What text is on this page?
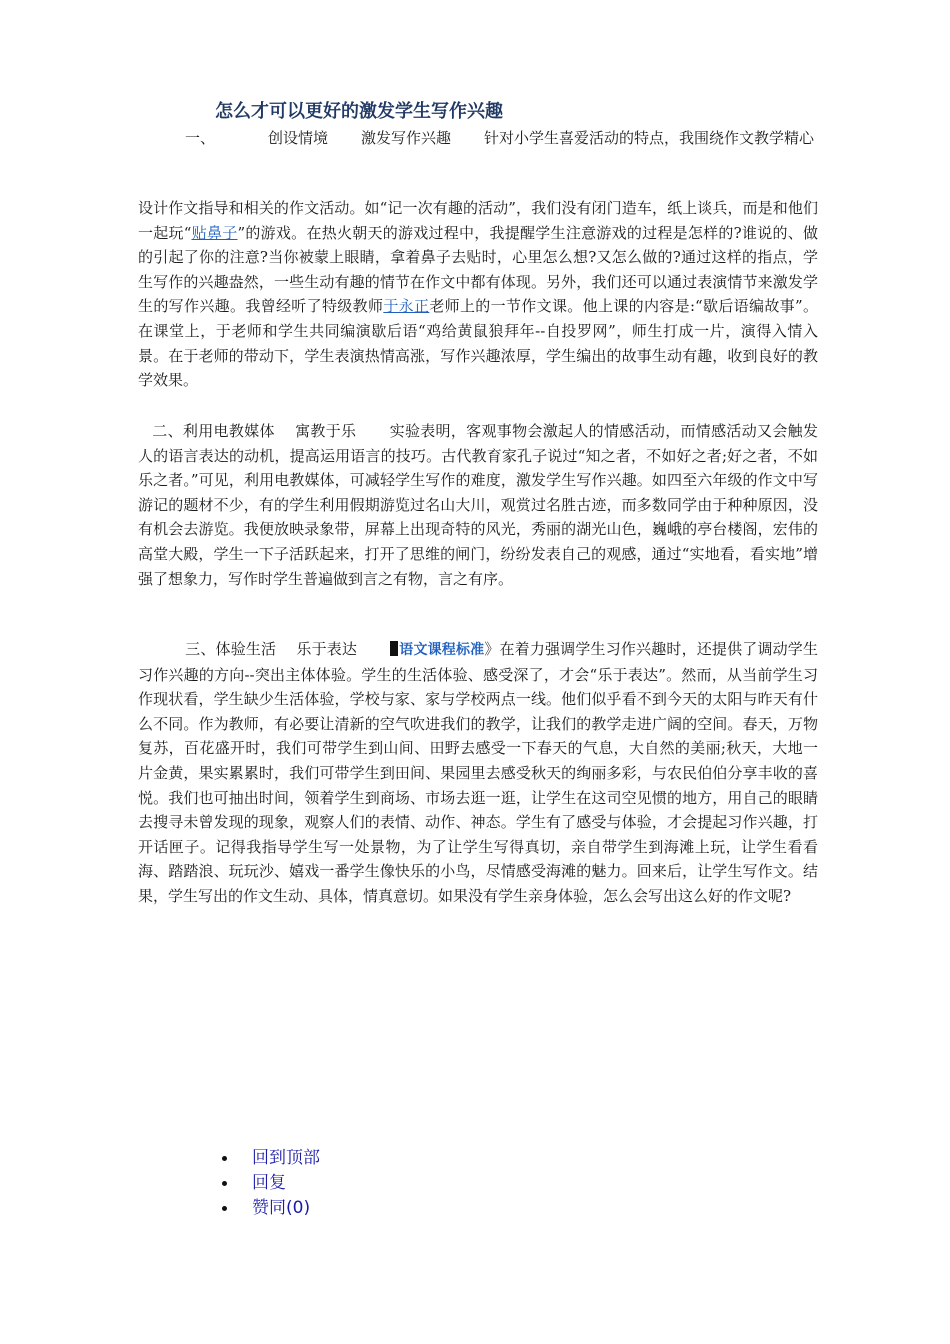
怎么才可以更好的激发学生写作兴趣
一、	创设情境 激发写作兴趣 针对小学生喜爱活动的特点，我围绕作文教学精心

设计作文指导和相关的作文活动。如“记一次有趣的活动”，我们没有闭门造车，纸上谈兵，而是和他们一起玩“贴鼻子”的游戏。在热火朝天的游戏过程中，我提醒学生注意游戏的过程是怎样的?谁说的、做的引起了你的注意?当你被蒙上眼睛，拿着鼻子去贴时，心里怎么想?又怎么做的?通过这样的指点，学生写作的兴趣盎然，一些生动有趣的情节在作文中都有体现。另外，我们还可以通过表演情节来激发学生的写作兴趣。我曾经听了特级教师于永正老师上的一节作文课。他上课的内容是:“歇后语编故事”。在课堂上，于老师和学生共同编演歇后语“鸡给黄鼠狼拜年--自投罗网”，师生打成一片，演得入情入景。在于老师的带动下，学生表演热情高涨，写作兴趣浓厚，学生编出的故事生动有趣，收到良好的教学效果。

二、利用电教媒体 寓教于乐 实验表明，客观事物会激起人的情感活动，而情感活动又会触发人的语言表达的动机，提高运用语言的技巧。古代教育家孔子说过“知之者，不如好之者;好之者，不如乐之者。”可见，利用电教媒体，可减轻学生写作的难度，激发学生写作兴趣。如四至六年级的作文中写游记的题材不少，有的学生利用假期游览过名山大川，观赏过名胜古迹，而多数同学由于种种原因，没有机会去游览。我便放映录象带，屏幕上出现奇特的风光，秀丽的湖光山色，巍峨的亭台楼阁，宏伟的高堂大殿，学生一下子活跃起来，打开了思维的闸门，纷纷发表自己的观感，通过“实地看，看实地”增强了想象力，写作时学生普遍做到言之有物，言之有序。

三、体验生活 乐于表达	语文课程标准》在着力强调学生习作兴趣时，还提供了调动学生习作兴趣的方向--突出主体体验。学生的生活体验、感受深了，才会“乐于表达”。然而，从当前学生习作现状看，学生缺少生活体验，学校与家、家与学校两点一线。他们似乎看不到今天的太阳与昨天有什么不同。作为教师，有必要让清新的空气吹进我们的教学，让我们的教学走进广阔的空间。春天，万物复苏，百花盛开时，我们可带学生到山间、田野去感受一下春天的气息，大自然的美丽;秋天，大地一片金黄，果实累累时，我们可带学生到田间、果园里去感受秋天的绚丽多彩，与农民伯伯分享丰收的喜悦。我们也可抽出时间，领着学生到商场、市场去逛一逛，让学生在这司空见惯的地方，用自己的眼睛去搜寻未曾发现的现象，观察人们的表情、动作、神态。学生有了感受与体验，才会提起习作兴趣，打开话匣子。记得我指导学生写一处景物，为了让学生写得真切，亲自带学生到海滩上玩，让学生看看海、踏踏浪、玩玩沙、嬉戏一番学生像快乐的小鸟，尽情感受海滩的魅力。回来后，让学生写作文。结果，学生写出的作文生动、具体，情真意切。如果没有学生亲身体验，怎么会写出这么好的作文呢?

回到顶部
回复
赞同(0)
